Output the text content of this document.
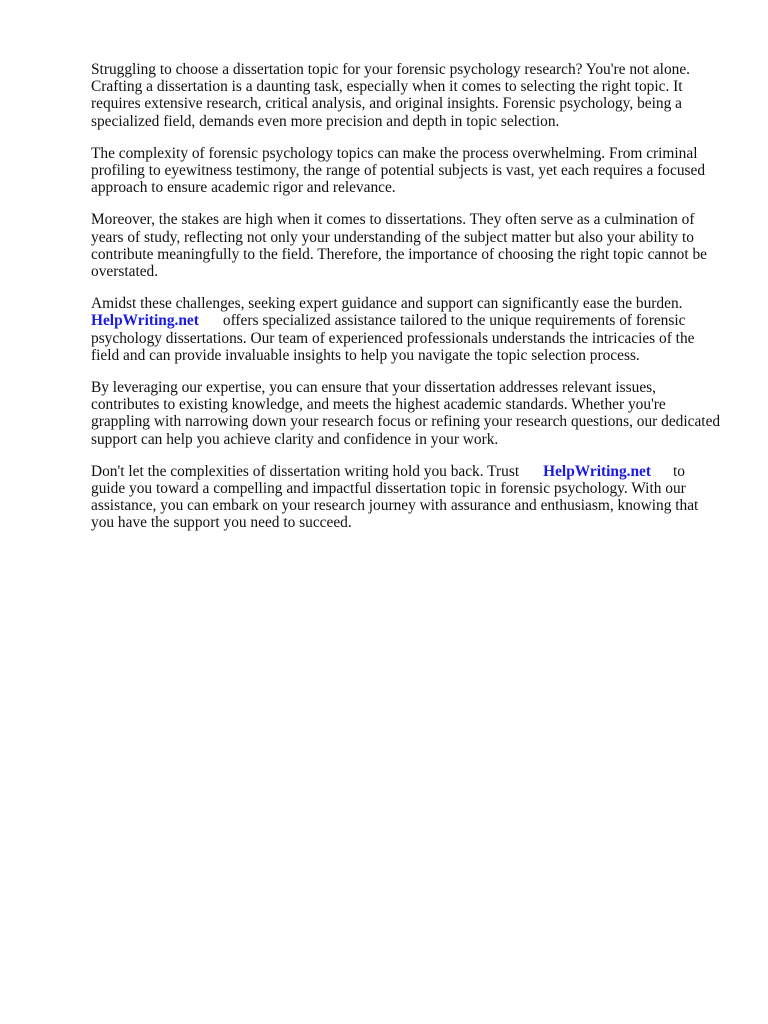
Struggling to choose a dissertation topic for your forensic psychology research? You're not alone. Crafting a dissertation is a daunting task, especially when it comes to selecting the right topic. It requires extensive research, critical analysis, and original insights. Forensic psychology, being a specialized field, demands even more precision and depth in topic selection.

The complexity of forensic psychology topics can make the process overwhelming. From criminal profiling to eyewitness testimony, the range of potential subjects is vast, yet each requires a focused approach to ensure academic rigor and relevance.

Moreover, the stakes are high when it comes to dissertations. They often serve as a culmination of years of study, reflecting not only your understanding of the subject matter but also your ability to contribute meaningfully to the field. Therefore, the importance of choosing the right topic cannot be overstated.

Amidst these challenges, seeking expert guidance and support can significantly ease the burden.
HelpWriting.net offers specialized assistance tailored to the unique requirements of forensic psychology dissertations. Our team of experienced professionals understands the intricacies of the field and can provide invaluable insights to help you navigate the topic selection process.

By leveraging our expertise, you can ensure that your dissertation addresses relevant issues, contributes to existing knowledge, and meets the highest academic standards. Whether you're grappling with narrowing down your research focus or refining your research questions, our dedicated support can help you achieve clarity and confidence in your work.

Don't let the complexities of dissertation writing hold you back. Trust HelpWriting.net to guide you toward a compelling and impactful dissertation topic in forensic psychology. With our assistance, you can embark on your research journey with assurance and enthusiasm, knowing that you have the support you need to succeed.
